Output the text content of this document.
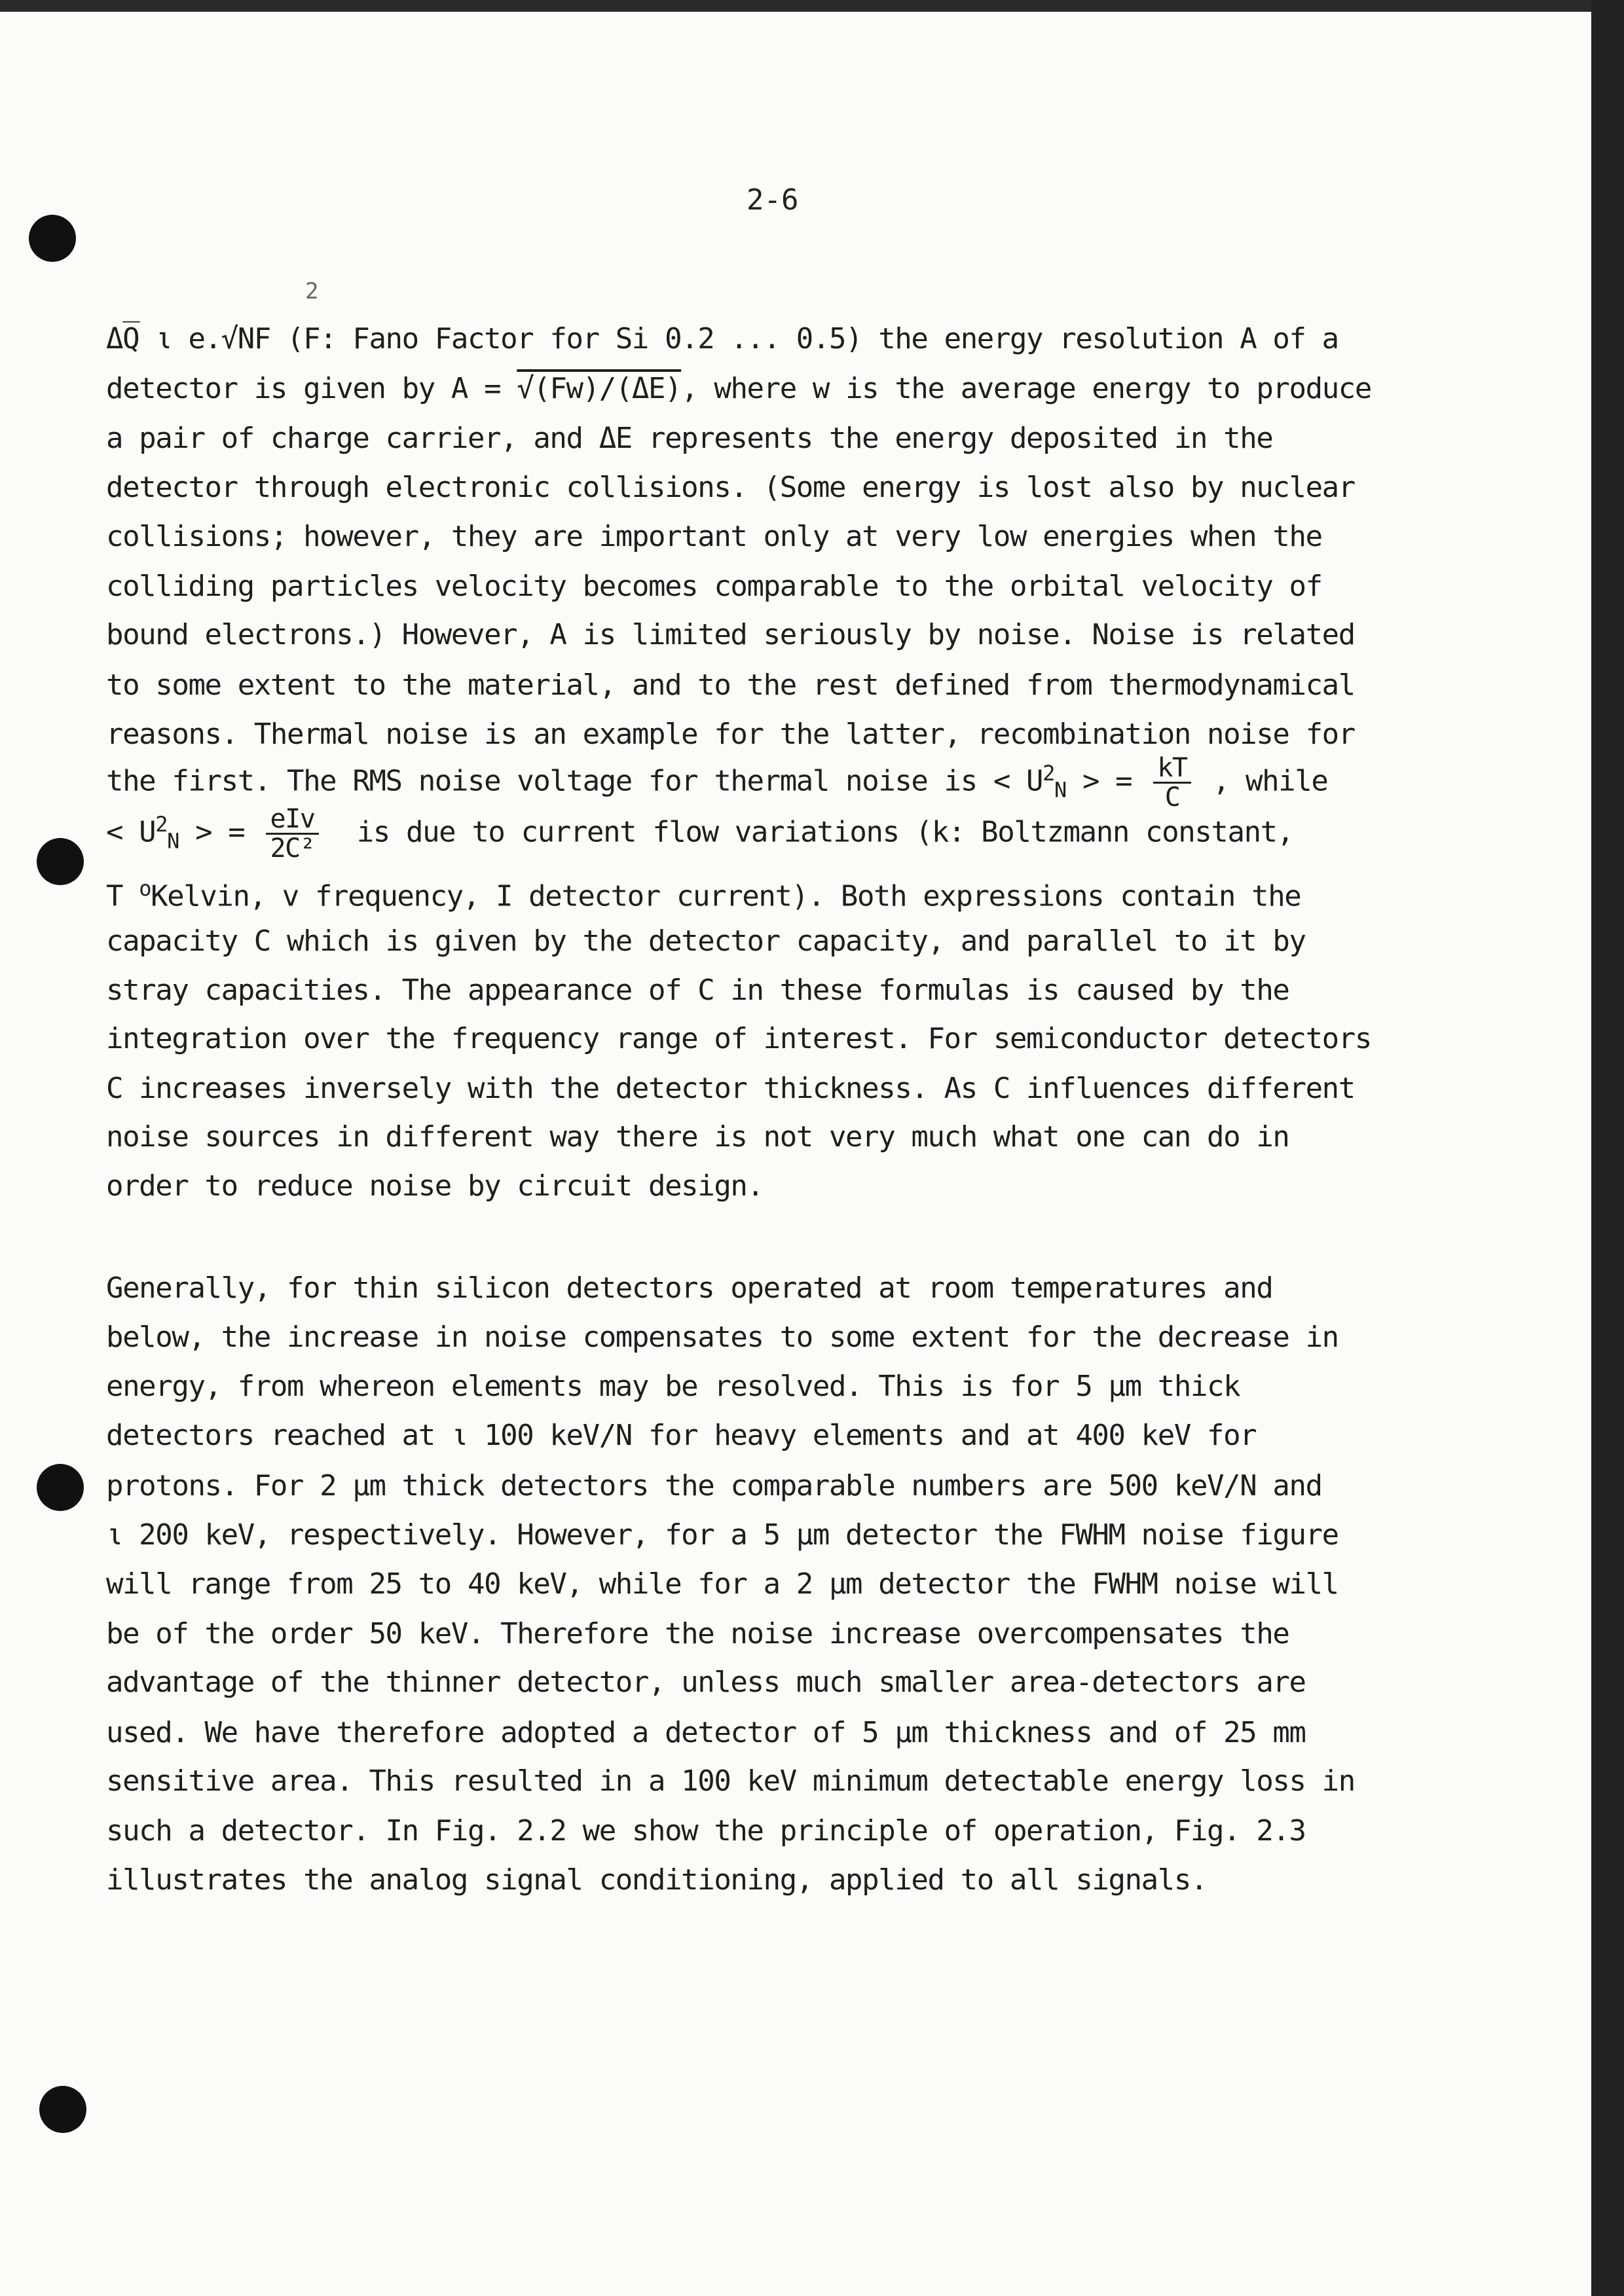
2-6
2
ΔQ̅ ι e.√NF (F: Fano Factor for Si 0.2 ... 0.5) the energy resolution A of a
detector is given by A = √(Fw)/(ΔE), where w is the average energy to produce
a pair of charge carrier, and ΔE represents the energy deposited in the
detector through electronic collisions. (Some energy is lost also by nuclear
collisions; however, they are important only at very low energies when the
colliding particles velocity becomes comparable to the orbital velocity of
bound electrons.) However, A is limited seriously by noise. Noise is related
to some extent to the material, and to the rest defined from thermodynamical
reasons. Thermal noise is an example for the latter, recombination noise for
the first. The RMS noise voltage for thermal noise is < $U^2_N$ > = $\frac{kT}{C}$ , while
< $U^2_N$ > = $\frac{\text{eIv}}{\text{2C²}}$ is due to current flow variations (k: Boltzmann constant,
T $^o$Kelvin, v frequency, I detector current). Both expressions contain the
capacity C which is given by the detector capacity, and parallel to it by
stray capacities. The appearance of C in these formulas is caused by the
integration over the frequency range of interest. For semiconductor detectors
C increases inversely with the detector thickness. As C influences different
noise sources in different way there is not very much what one can do in
order to reduce noise by circuit design.
Generally, for thin silicon detectors operated at room temperatures and
below, the increase in noise compensates to some extent for the decrease in
energy, from whereon elements may be resolved. This is for 5 μm thick
detectors reached at ι 100 keV/N for heavy elements and at 400 keV for
protons. For 2 μm thick detectors the comparable numbers are 500 keV/N and
ι 200 keV, respectively. However, for a 5 μm detector the FWHM noise figure
will range from 25 to 40 keV, while for a 2 μm detector the FWHM noise will
be of the order 50 keV. Therefore the noise increase overcompensates the
advantage of the thinner detector, unless much smaller area-detectors are
used. We have therefore adopted a detector of 5 μm thickness and of 25 mm
sensitive area. This resulted in a 100 keV minimum detectable energy loss in
such a detector. In Fig. 2.2 we show the principle of operation, Fig. 2.3
illustrates the analog signal conditioning, applied to all signals.
